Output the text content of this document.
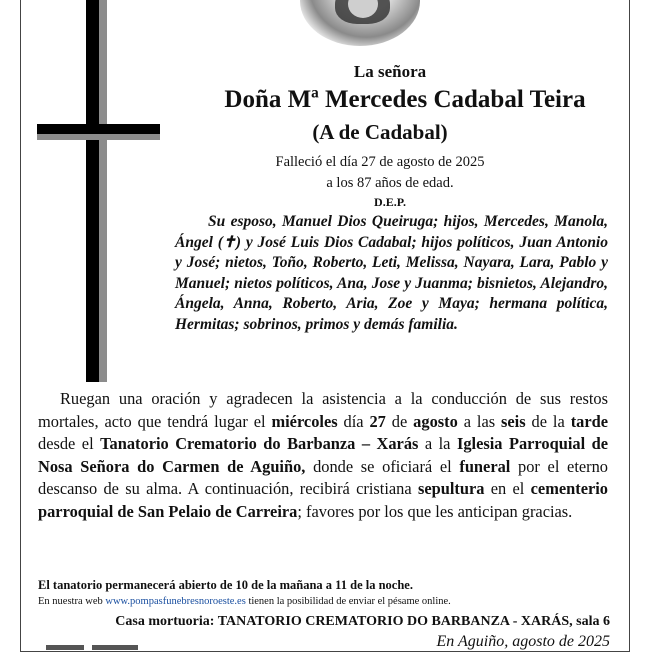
La señora
Doña Mª Mercedes Cadabal Teira
(A de Cadabal)
Falleció el día 27 de agosto de 2025
a los 87 años de edad.
D.E.P.
Su esposo, Manuel Dios Queiruga; hijos, Mercedes, Manola, Ángel (✝) y José Luis Dios Cadabal; hijos políticos, Juan Antonio y José; nietos, Toño, Roberto, Leti, Melissa, Nayara, Lara, Pablo y Manuel; nietos políticos, Ana, Jose y Juanma; bisnietos, Alejandro, Ángela, Anna, Roberto, Aria, Zoe y Maya; hermana política, Hermitas; sobrinos, primos y demás familia.
Ruegan una oración y agradecen la asistencia a la conducción de sus restos mortales, acto que tendrá lugar el miércoles día 27 de agosto a las seis de la tarde desde el Tanatorio Crematorio do Barbanza – Xarás a la Iglesia Parroquial de Nosa Señora do Carmen de Aguiño, donde se oficiará el funeral por el eterno descanso de su alma. A continuación, recibirá cristiana sepultura en el cementerio parroquial de San Pelaio de Carreira; favores por los que les anticipan gracias.
El tanatorio permanecerá abierto de 10 de la mañana a 11 de la noche.
En nuestra web www.pompasfunebresnoroeste.es tienen la posibilidad de enviar el pésame online.
Casa mortuoria: TANATORIO CREMATORIO DO BARBANZA - XARÁS, sala 6
En Aguiño, agosto de 2025
